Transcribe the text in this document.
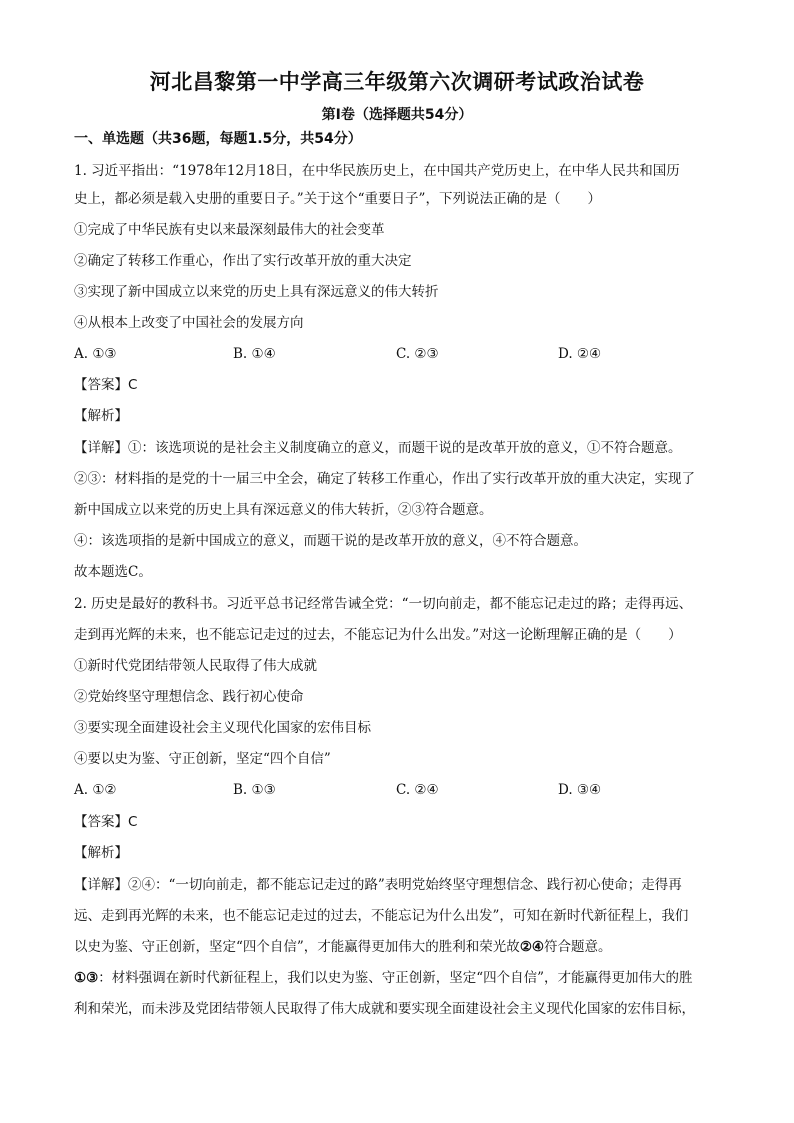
河北昌黎第一中学高三年级第六次调研考试政治试卷
第Ⅰ卷（选择题共54分）
一、单选题（共36题，每题1.5分，共54分）
1. 习近平指出：“1978年12月18日，在中华民族历史上，在中国共产党历史上，在中华人民共和国历
史上，都必须是载入史册的重要日子。”关于这个“重要日子”，下列说法正确的是（　　）
①完成了中华民族有史以来最深刻最伟大的社会变革
②确定了转移工作重心，作出了实行改革开放的重大决定
③实现了新中国成立以来党的历史上具有深远意义的伟大转折
④从根本上改变了中国社会的发展方向
A. ①③	B. ①④	C. ②③	D. ②④
【答案】C
【解析】
【详解】①：该选项说的是社会主义制度确立的意义，而题干说的是改革开放的意义，①不符合题意。
②③：材料指的是党的十一届三中全会，确定了转移工作重心，作出了实行改革开放的重大决定，实现了
新中国成立以来党的历史上具有深远意义的伟大转折，②③符合题意。
④：该选项指的是新中国成立的意义，而题干说的是改革开放的意义，④不符合题意。
故本题选C。
2. 历史是最好的教科书。习近平总书记经常告诫全党：“一切向前走，都不能忘记走过的路；走得再远、
走到再光辉的未来，也不能忘记走过的过去，不能忘记为什么出发。”对这一论断理解正确的是（　　）
①新时代党团结带领人民取得了伟大成就
②党始终坚守理想信念、践行初心使命
③要实现全面建设社会主义现代化国家的宏伟目标
④要以史为鉴、守正创新，坚定“四个自信”
A. ①②	B. ①③	C. ②④	D. ③④
【答案】C
【解析】
【详解】②④：“一切向前走，都不能忘记走过的路”表明党始终坚守理想信念、践行初心使命；走得再
远、走到再光辉的未来，也不能忘记走过的过去，不能忘记为什么出发”，可知在新时代新征程上，我们
以史为鉴、守正创新，坚定“四个自信”，才能赢得更加伟大的胜利和荣光故②④符合题意。
①③：材料强调在新时代新征程上，我们以史为鉴、守正创新，坚定“四个自信”，才能赢得更加伟大的胜
利和荣光，而未涉及党团结带领人民取得了伟大成就和要实现全面建设社会主义现代化国家的宏伟目标，
